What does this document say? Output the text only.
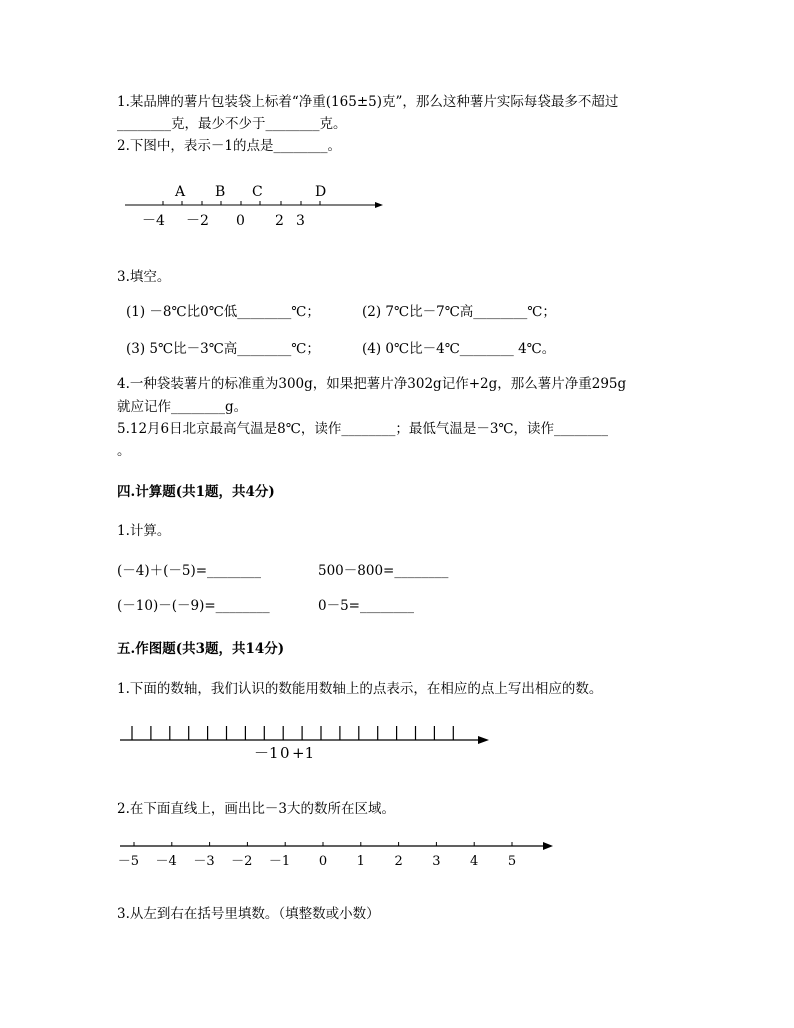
1.某品牌的薯片包装袋上标着“净重(165±5)克”，那么这种薯片实际每袋最多不超过
________克，最少不少于________克。
2.下图中，表示－1的点是________。
A B C	D
－4 －2 0 2 3
3.填空。
(1) －8℃比0℃低________℃；	(2) 7℃比－7℃高________℃；
(3) 5℃比－3℃高________℃；	(4) 0℃比－4℃________ 4℃。
4.一种袋装薯片的标准重为300g，如果把薯片净302g记作+2g，那么薯片净重295g
就应记作________g。
5.12月6日北京最高气温是8℃，读作________；最低气温是－3℃，读作________
。
四.计算题(共1题，共4分)
1.计算。
(－4)＋(－5)=________	500－800=________
(－10)－(－9)=________	0－5=________
五.作图题(共3题，共14分)
1.下面的数轴，我们认识的数能用数轴上的点表示，在相应的点上写出相应的数。
－1 0 +1
2.在下面直线上，画出比－3大的数所在区域。
－5 －4 －3 －2 －1 0 1 2 3 4 5
3.从左到右在括号里填数。（填整数或小数）
